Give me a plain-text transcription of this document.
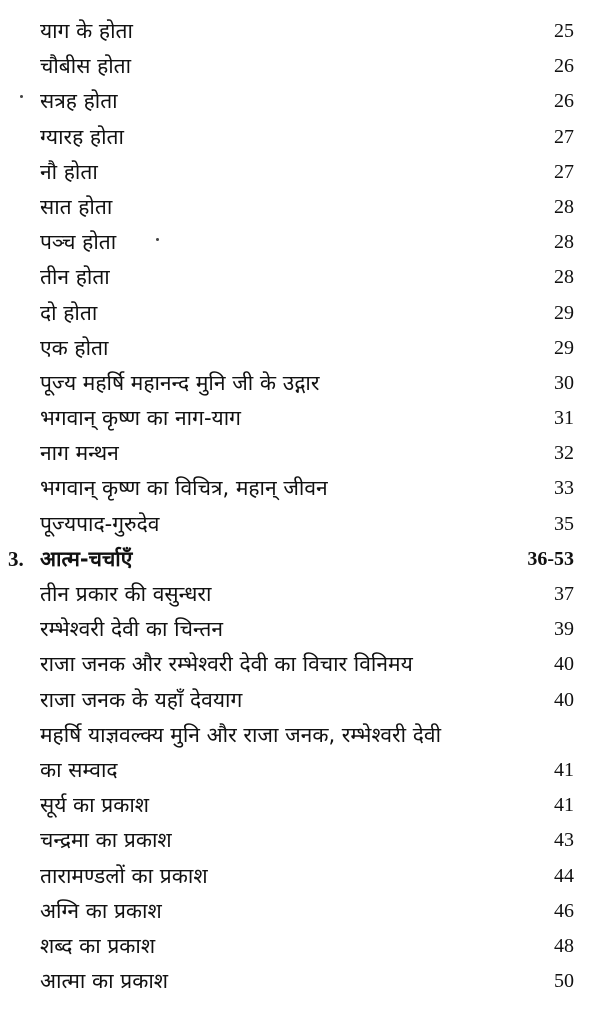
याग के होता	25
चौबीस होता	26
सत्रह होता	26
ग्यारह होता	27
नौ होता	27
सात होता	28
पञ्च होता	28
तीन होता	28
दो होता	29
एक होता	29
पूज्य महर्षि महानन्द मुनि जी के उद्गार	30
भगवान् कृष्ण का नाग-याग	31
नाग मन्थन	32
भगवान् कृष्ण का विचित्र, महान् जीवन	33
पूज्यपाद-गुरुदेव	35
3. आत्म-चर्चाएँ	36-53
तीन प्रकार की वसुन्धरा	37
रम्भेश्वरी देवी का चिन्तन	39
राजा जनक और रम्भेश्वरी देवी का विचार विनिमय	40
राजा जनक के यहाँ देवयाग	40
महर्षि याज्ञवल्क्य मुनि और राजा जनक, रम्भेश्वरी देवी
का सम्वाद	41
सूर्य का प्रकाश	41
चन्द्रमा का प्रकाश	43
तारामण्डलों का प्रकाश	44
अग्नि का प्रकाश	46
शब्द का प्रकाश	48
आत्मा का प्रकाश	50
